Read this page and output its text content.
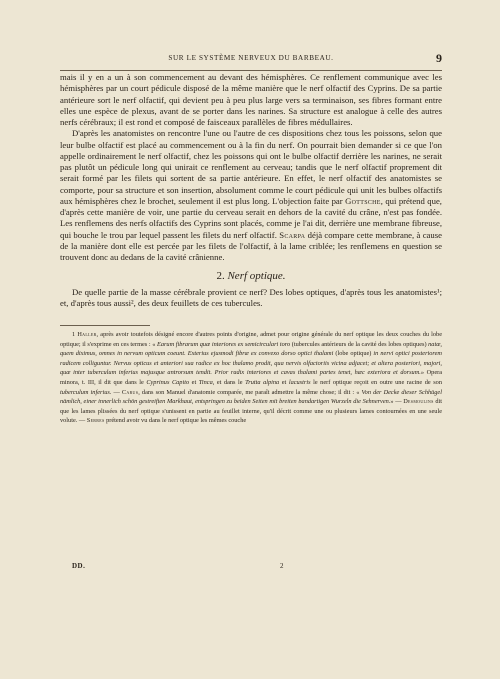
SUR LE SYSTÈME NERVEUX DU BARBEAU.	9

mais il y en a un à son commencement au devant des hémisphères. Ce renflement communique avec les hémisphères par un court pédicule disposé de la même manière que le nerf olfactif des Cyprins. De sa partie antérieure sort le nerf olfactif, qui devient peu à peu plus large vers sa terminaison, ses fibres formant entre elles une espèce de plexus, avant de se porter dans les narines. Sa structure est analogue à celle des autres nerfs cérébraux; il est rond et composé de faisceaux parallèles de fibres médullaires.

D'après les anatomistes on rencontre l'une ou l'autre de ces dispositions chez tous les poissons, selon que leur bulbe olfactif est placé au commencement ou à la fin du nerf. On pourrait bien demander si ce que l'on appelle ordinairement le nerf olfactif, chez les poissons qui ont le bulbe olfactif derrière les narines, ne serait pas plutôt un pédicule long qui unirait ce renflement au cerveau; tandis que le nerf olfactif proprement dit serait formé par les filets qui sortent de sa partie antérieure. En effet, le nerf olfactif des anatomistes se comporte, pour sa structure et son insertion, absolument comme le court pédicule qui unit les bulbes olfactifs aux hémisphères chez le brochet, seulement il est plus long. L'objection faite par Gottsche, qui prétend que, d'après cette manière de voir, une partie du cerveau serait en dehors de la cavité du crâne, n'est pas fondée. Les renflemens des nerfs olfactifs des Cyprins sont placés, comme je l'ai dit, derrière une membrane fibreuse, qui bouche le trou par lequel passent les filets du nerf olfactif. Scarpa déjà compare cette membrane, à cause de la manière dont elle est percée par les filets de l'olfactif, à la lame criblée; les renflemens en question se trouvent donc au dedans de la cavité crânienne.

2. Nerf optique.

De quelle partie de la masse cérébrale provient ce nerf? Des lobes optiques, d'après tous les anatomistes¹; et, d'après tous aussi², des deux feuillets de ces tubercules.

1 Haller, après avoir toutefois désigné encore d'autres points d'origine, admet pour origine générale du nerf optique les deux couches du lobe optique; il s'exprime en ces termes : « Earum fibrarum quæ interiores ex semicirculari toro (tubercules antérieurs de la cavité des lobes optiques) natæ, quem diximus, omnes in nervum opticum coeunt. Exterius ejusmodi fibræ ex convexo dorso optici thalami (lobe optique) in nervi optici posteriorem radicem colliguntur. Nervus opticus et anteriori sua radice ex hoc thalamo prodit, qua nervis olfactoriis vicina adjacet; et altera posteriori, majori, quæ inter tuberculum inferius majusque antrorsum tendit. Prior radix interiores et cavas thalami partes tenet, hæc exteriora et dorsum.» Opera minora, t. III, il dit que dans le Cyprinus Capito et Tinca, et dans le Trutta alpina et lacustris le nerf optique reçoit en outre une racine de son tuberculum inferius. — Carus, dans son Manuel d'anatomie comparée, me paraît admettre la même chose; il dit : « Von der Decke dieser Schhügel nämlich, einer innerlich schön gestreiften Markhaut, entspringen zu beiden Seiten mit breiten bandartigen Wurzeln die Sehnerven.» — Desmoulins dit que les lames plissées du nerf optique s'unissent en partie au feuillet interne, qu'il décrit comme une ou plusieurs lames contournées en une seule volute. — Serres prétend avoir vu dans le nerf optique les mêmes couche

DD.	2
